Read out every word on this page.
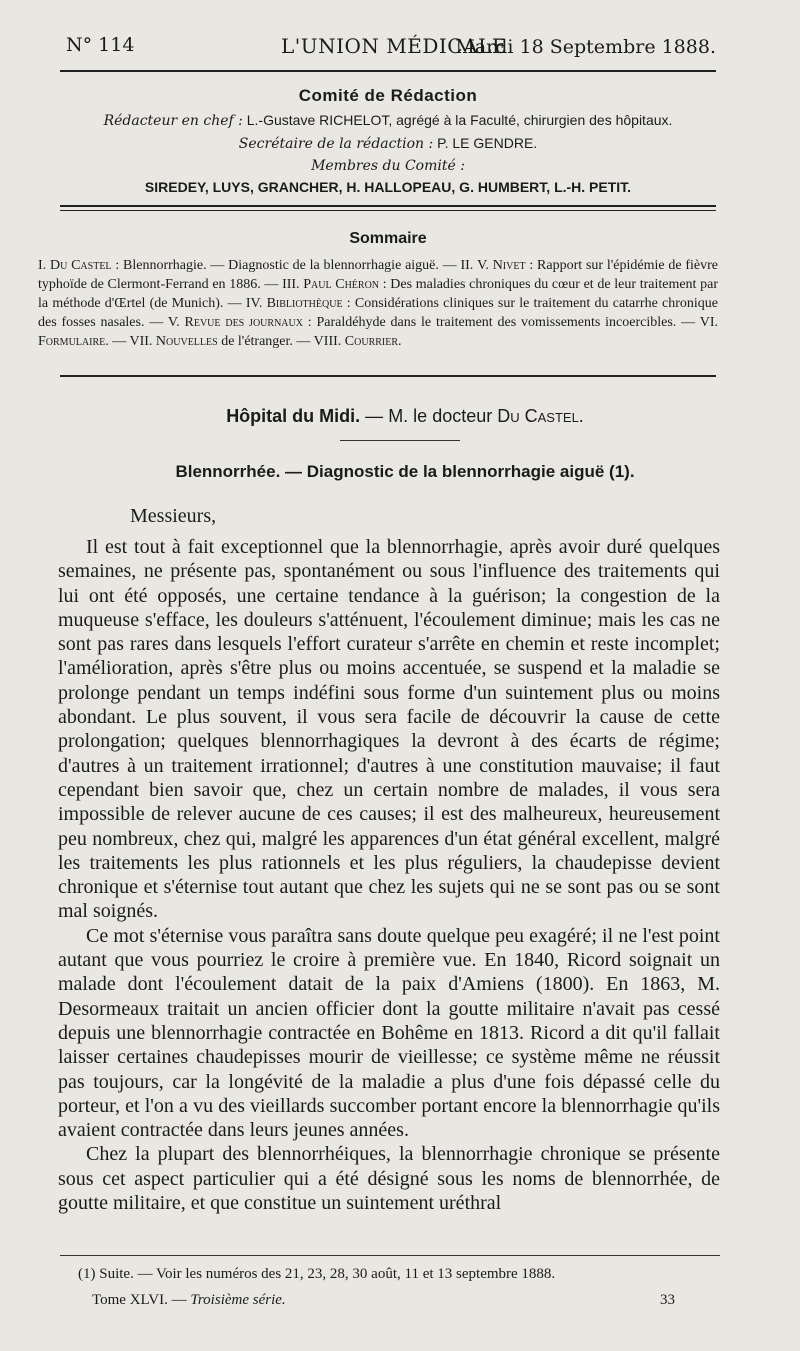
N° 114	L'UNION MÉDICALE
Mardi 18 Septembre 1888.
Comité de Rédaction
Rédacteur en chef : L.-Gustave RICHELOT, agrégé à la Faculté, chirurgien des hôpitaux.
Secrétaire de la rédaction : P. LE GENDRE.
Membres du Comité :
SIREDEY, LUYS, GRANCHER, H. HALLOPEAU, G. HUMBERT, L.-H. PETIT.
Sommaire
I. Du Castel : Blennorrhagie. — Diagnostic de la blennorrhagie aiguë. — II. V. Nivet : Rapport sur l'épidémie de fièvre typhoïde de Clermont-Ferrand en 1886. — III. Paul Chéron : Des maladies chroniques du cœur et de leur traitement par la méthode d'Œrtel (de Munich). — IV. Bibliothèque : Considérations cliniques sur le traitement du catarrhe chronique des fosses nasales. — V. Revue des journaux : Paraldéhyde dans le traitement des vomissements incoercibles. — VI. Formulaire. — VII. Nouvelles de l'étranger. — VIII. Courrier.
Hôpital du Midi. — M. le docteur Du Castel.
Blennorrhée. — Diagnostic de la blennorrhagie aiguë (1).
Messieurs,

Il est tout à fait exceptionnel que la blennorrhagie, après avoir duré quelques semaines, ne présente pas, spontanément ou sous l'influence des traitements qui lui ont été opposés, une certaine tendance à la guérison; la congestion de la muqueuse s'efface, les douleurs s'atténuent, l'écoulement diminue; mais les cas ne sont pas rares dans lesquels l'effort curateur s'arrête en chemin et reste incomplet; l'amélioration, après s'être plus ou moins accentuée, se suspend et la maladie se prolonge pendant un temps indéfini sous forme d'un suintement plus ou moins abondant. Le plus souvent, il vous sera facile de découvrir la cause de cette prolongation; quelques blennorrhagiques la devront à des écarts de régime; d'autres à un traitement irrationnel; d'autres à une constitution mauvaise; il faut cependant bien savoir que, chez un certain nombre de malades, il vous sera impossible de relever aucune de ces causes; il est des malheureux, heureusement peu nombreux, chez qui, malgré les apparences d'un état général excellent, malgré les traitements les plus rationnels et les plus réguliers, la chaudepisse devient chronique et s'éternise tout autant que chez les sujets qui ne se sont pas ou se sont mal soignés.

Ce mot s'éternise vous paraîtra sans doute quelque peu exagéré; il ne l'est point autant que vous pourriez le croire à première vue. En 1840, Ricord soignait un malade dont l'écoulement datait de la paix d'Amiens (1800). En 1863, M. Desormeaux traitait un ancien officier dont la goutte militaire n'avait pas cessé depuis une blennorrhagie contractée en Bohême en 1813. Ricord a dit qu'il fallait laisser certaines chaudepisses mourir de vieillesse; ce système même ne réussit pas toujours, car la longévité de la maladie a plus d'une fois dépassé celle du porteur, et l'on a vu des vieillards succomber portant encore la blennorrhagie qu'ils avaient contractée dans leurs jeunes années.

Chez la plupart des blennorrhéiques, la blennorrhagie chronique se présente sous cet aspect particulier qui a été désigné sous les noms de blennorrhée, de goutte militaire, et que constitue un suintement uréthral

(1) Suite. — Voir les numéros des 21, 23, 28, 30 août, 11 et 13 septembre 1888.
Tome XLVI. — Troisième série.	33
